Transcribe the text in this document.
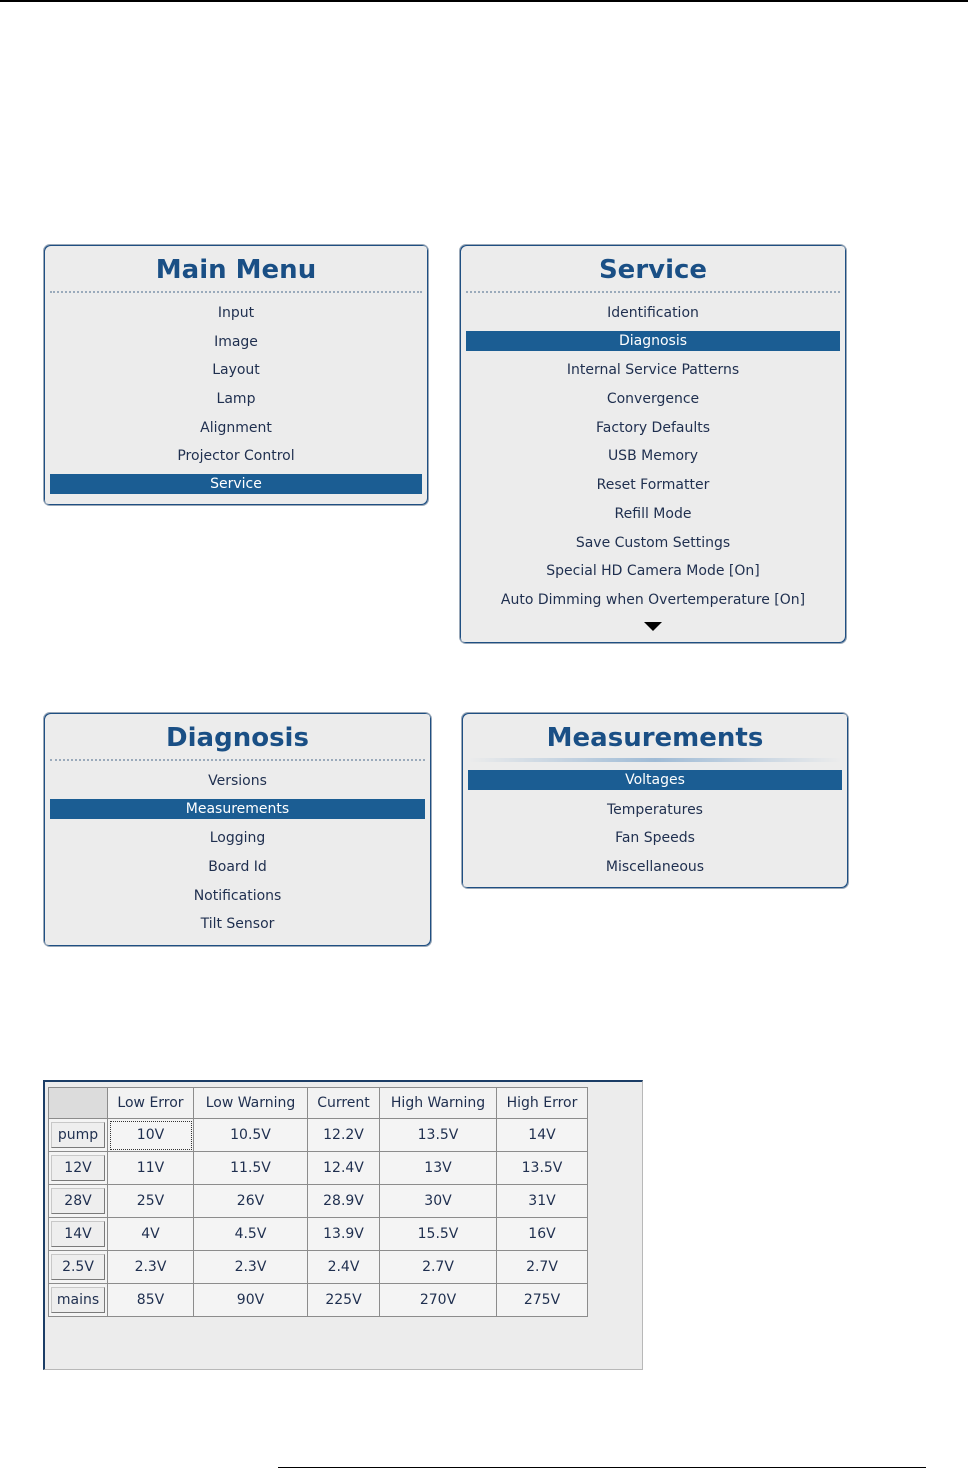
Main Menu
Input
Image
Layout
Lamp
Alignment
Projector Control
Service
Service
Identification
Diagnosis
Internal Service Patterns
Convergence
Factory Defaults
USB Memory
Reset Formatter
Refill Mode
Save Custom Settings
Special HD Camera Mode [On]
Auto Dimming when Overtemperature [On]
Diagnosis
Versions
Measurements
Logging
Board Id
Notifications
Tilt Sensor
Measurements
Voltages
Temperatures
Fan Speeds
Miscellaneous
	Low Error	Low Warning	Current	High Warning	High Error

pump	10V	10.5V	12.2V	13.5V	14V

12V	11V	11.5V	12.4V	13V	13.5V

28V	25V	26V	28.9V	30V	31V

14V	4V	4.5V	13.9V	15.5V	16V

2.5V	2.3V	2.3V	2.4V	2.7V	2.7V

mains	85V	90V	225V	270V	275V
